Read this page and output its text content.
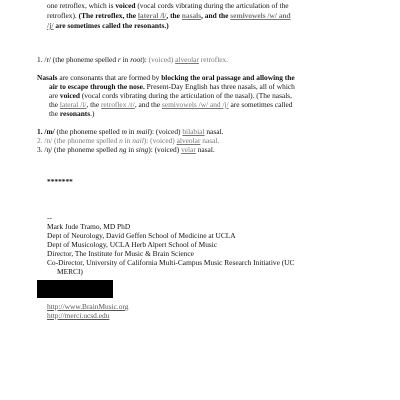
one retroflex, which is voiced (vocal cords vibrating during the articulation of the
retroflex). (The retroflex, the lateral /l/, the nasals, and the semivowels /w/ and
/j/ are sometimes called the resonants.)
1. /r/ (the phoneme spelled r in root): (voiced) alveolar retroflex.
Nasals are consonants that are formed by blocking the oral passage and allowing the
air to escape through the nose. Present-Day English has three nasals, all of which
are voiced (vocal cords vibrating during the articulation of the nasal). (The nasals,
the lateral /l/, the retroflex /r/, and the semivowels /w/ and /j/ are sometimes called
the resonants.)
1. /m/ (the phoneme spelled m in mail): (voiced) bilabial nasal.
2. /n/ (the phoneme spelled n in nail): (voiced) alveolar nasal.
3. /ŋ/ (the phoneme spelled ng in sing): (voiced) velar nasal.
*******
--
Mark Jude Tramo, MD PhD
Dept of Neurology, David Geffen School of Medicine at UCLA
Dept of Musicology, UCLA Herb Alpert School of Music
Director, The Institute for Music & Brain Science
Co-Director, University of California Multi-Campus Music Research Initiative (UC
MERCI)
http://www.BrainMusic.org
http://merci.ucsd.edu
